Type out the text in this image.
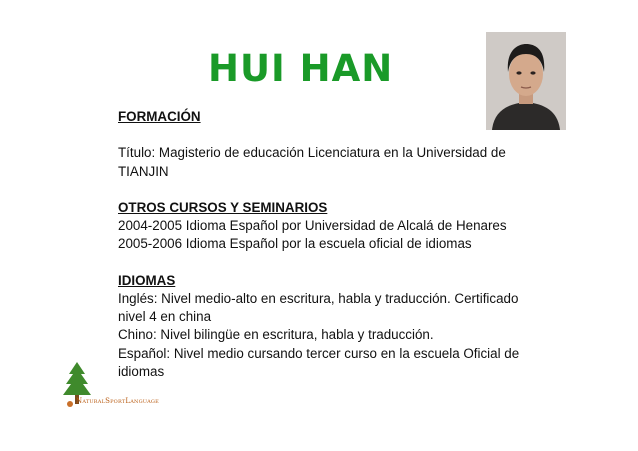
HUI HAN
FORMACIÓN
Título: Magisterio de educación Licenciatura en la Universidad de
TIANJIN
OTROS CURSOS Y SEMINARIOS
2004-2005 Idioma Español por Universidad de Alcalá de Henares
2005-2006 Idioma Español por la escuela oficial de idiomas
IDIOMAS
Inglés: Nivel medio-alto en escritura, habla y traducción. Certificado
nivel 4 en china
Chino: Nivel bilingüe en escritura, habla y traducción.
Español: Nivel medio cursando tercer curso en la escuela Oficial de
idiomas
NaturalSportLanguage
